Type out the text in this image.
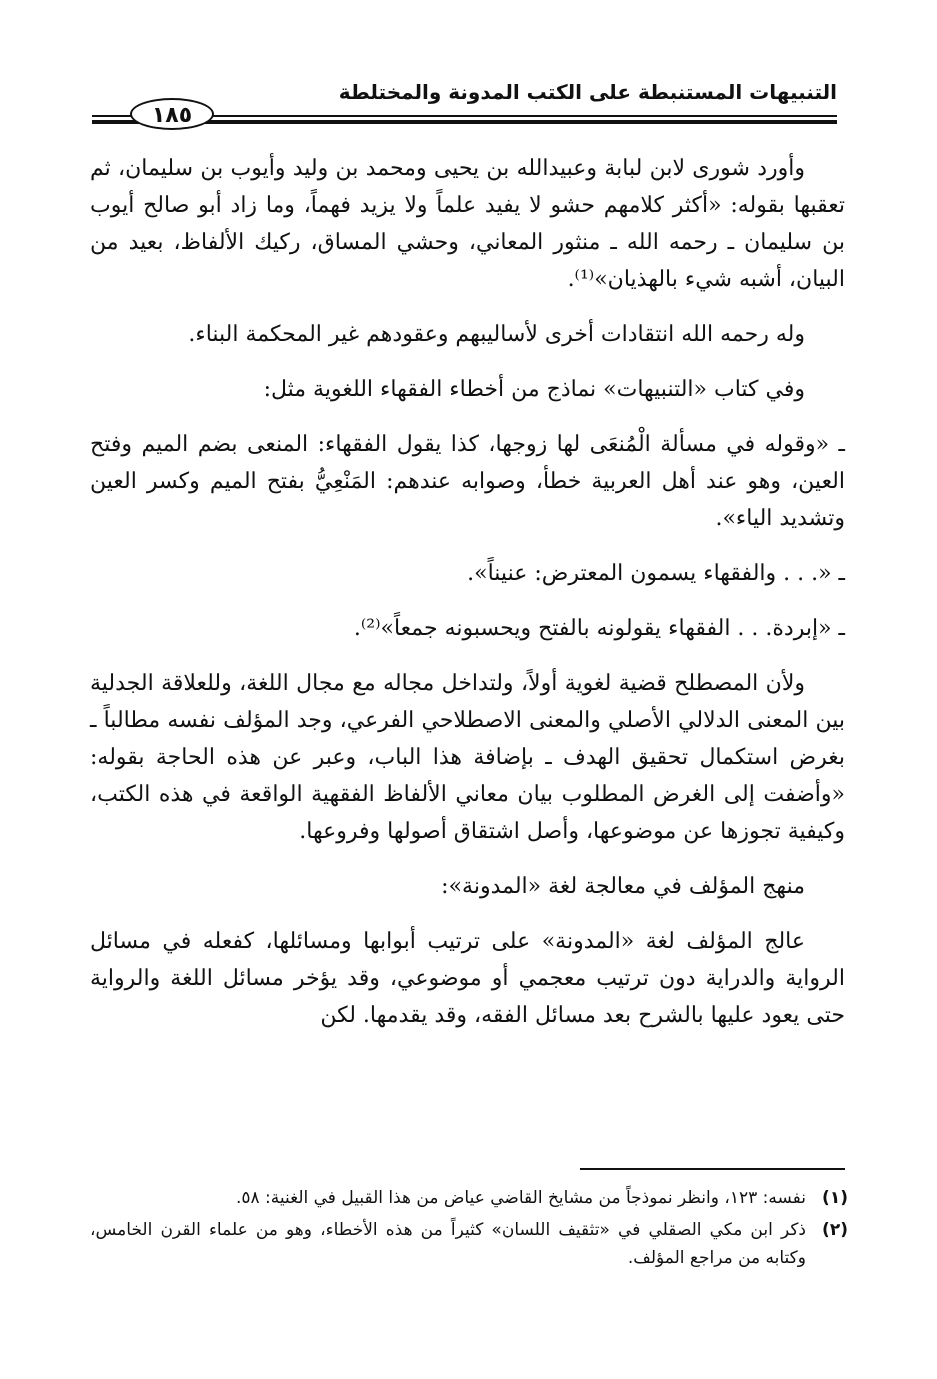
التنبيهات المستنبطة على الكتب المدونة والمختلطة
١٨٥

وأورد شورى لابن لبابة وعبيدالله بن يحيى ومحمد بن وليد وأيوب بن سليمان، ثم تعقبها بقوله: «أكثر كلامهم حشو لا يفيد علماً ولا يزيد فهماً، وما زاد أبو صالح أيوب بن سليمان ـ رحمه الله ـ منثور المعاني، وحشي المساق، ركيك الألفاظ، بعيد من البيان، أشبه شيء بالهذيان»⁽¹⁾.

وله رحمه الله انتقادات أخرى لأساليبهم وعقودهم غير المحكمة البناء.

وفي كتاب «التنبيهات» نماذج من أخطاء الفقهاء اللغوية مثل:

ـ «وقوله في مسألة الْمُنعَى لها زوجها، كذا يقول الفقهاء: المنعى بضم الميم وفتح العين، وهو عند أهل العربية خطأ، وصوابه عندهم: المَنْعِيُّ بفتح الميم وكسر العين وتشديد الياء».

ـ «. . . والفقهاء يسمون المعترض: عنيناً».

ـ «إبردة. . . الفقهاء يقولونه بالفتح ويحسبونه جمعاً»⁽²⁾.

ولأن المصطلح قضية لغوية أولاً، ولتداخل مجاله مع مجال اللغة، وللعلاقة الجدلية بين المعنى الدلالي الأصلي والمعنى الاصطلاحي الفرعي، وجد المؤلف نفسه مطالباً ـ بغرض استكمال تحقيق الهدف ـ بإضافة هذا الباب، وعبر عن هذه الحاجة بقوله: «وأضفت إلى الغرض المطلوب بيان معاني الألفاظ الفقهية الواقعة في هذه الكتب، وكيفية تجوزها عن موضوعها، وأصل اشتقاق أصولها وفروعها.

منهج المؤلف في معالجة لغة «المدونة»:

عالج المؤلف لغة «المدونة» على ترتيب أبوابها ومسائلها، كفعله في مسائل الرواية والدراية دون ترتيب معجمي أو موضوعي، وقد يؤخر مسائل اللغة والرواية حتى يعود عليها بالشرح بعد مسائل الفقه، وقد يقدمها. لكن

(١)
نفسه: ١٢٣، وانظر نموذجاً من مشايخ القاضي عياض من هذا القبيل في الغنية: ٥٨.
(٢)
ذكر ابن مكي الصقلي في «تثقيف اللسان» كثيراً من هذه الأخطاء، وهو من علماء القرن الخامس، وكتابه من مراجع المؤلف.
